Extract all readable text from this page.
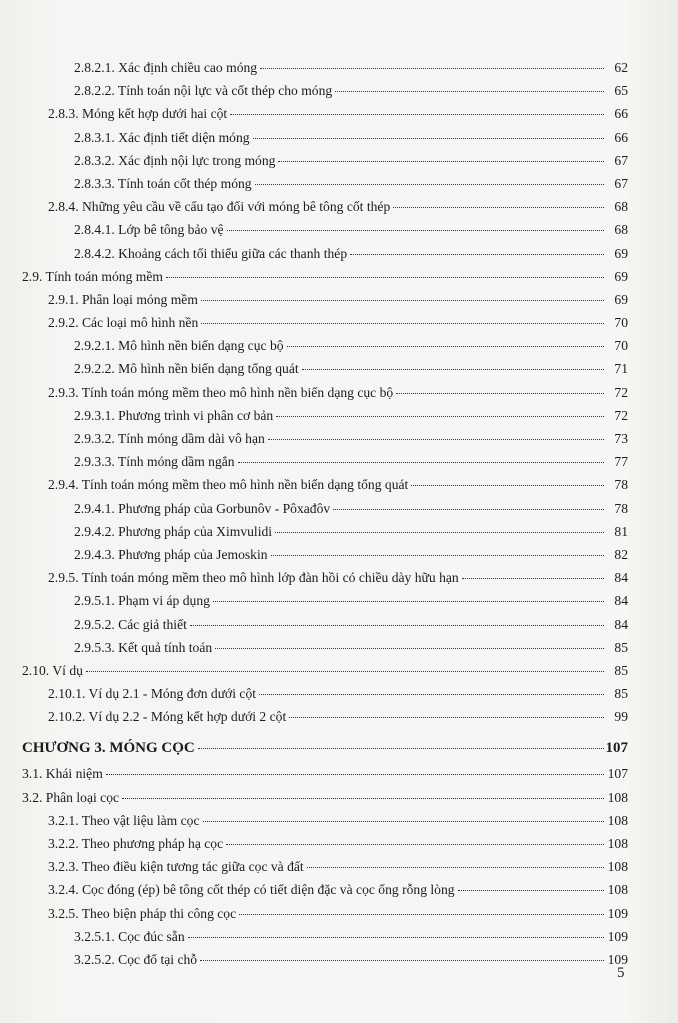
2.8.2.1. Xác định chiều cao móng	62
2.8.2.2. Tính toán nội lực và cốt thép cho móng	65
2.8.3. Móng kết hợp dưới hai cột	66
2.8.3.1. Xác định tiết diện móng	66
2.8.3.2. Xác định nội lực trong móng	67
2.8.3.3. Tính toán cốt thép móng	67
2.8.4. Những yêu cầu về cấu tạo đối với móng bê tông cốt thép	68
2.8.4.1. Lớp bê tông bảo vệ	68
2.8.4.2. Khoảng cách tối thiểu giữa các thanh thép	69
2.9. Tính toán móng mềm	69
2.9.1. Phân loại móng mềm	69
2.9.2. Các loại mô hình nền	70
2.9.2.1. Mô hình nền biến dạng cục bộ	70
2.9.2.2. Mô hình nền biến dạng tổng quát	71
2.9.3. Tính toán móng mềm theo mô hình nền biến dạng cục bộ	72
2.9.3.1. Phương trình vi phân cơ bản	72
2.9.3.2. Tính móng dầm dài vô hạn	73
2.9.3.3. Tính móng dầm ngắn	77
2.9.4. Tính toán móng mềm theo mô hình nền biến dạng tổng quát	78
2.9.4.1. Phương pháp của Gorbunôv - Pôxađôv	78
2.9.4.2. Phương pháp của Ximvulidi	81
2.9.4.3. Phương pháp của Jemoskin	82
2.9.5. Tính toán móng mềm theo mô hình lớp đàn hồi có chiều dày hữu hạn	84
2.9.5.1. Phạm vi áp dụng	84
2.9.5.2. Các giả thiết	84
2.9.5.3. Kết quả tính toán	85
2.10. Ví dụ	85
2.10.1. Ví dụ 2.1 - Móng đơn dưới cột	85
2.10.2. Ví dụ 2.2 - Móng kết hợp dưới 2 cột	99
CHƯƠNG 3. MÓNG CỌC	107
3.1. Khái niệm	107
3.2. Phân loại cọc	108
3.2.1. Theo vật liệu làm cọc	108
3.2.2. Theo phương pháp hạ cọc	108
3.2.3. Theo điều kiện tương tác giữa cọc và đất	108
3.2.4. Cọc đóng (ép) bê tông cốt thép có tiết diện đặc và cọc ống rỗng lòng	108
3.2.5. Theo biện pháp thi công cọc	109
3.2.5.1. Cọc đúc sẵn	109
3.2.5.2. Cọc đổ tại chỗ	109
5
